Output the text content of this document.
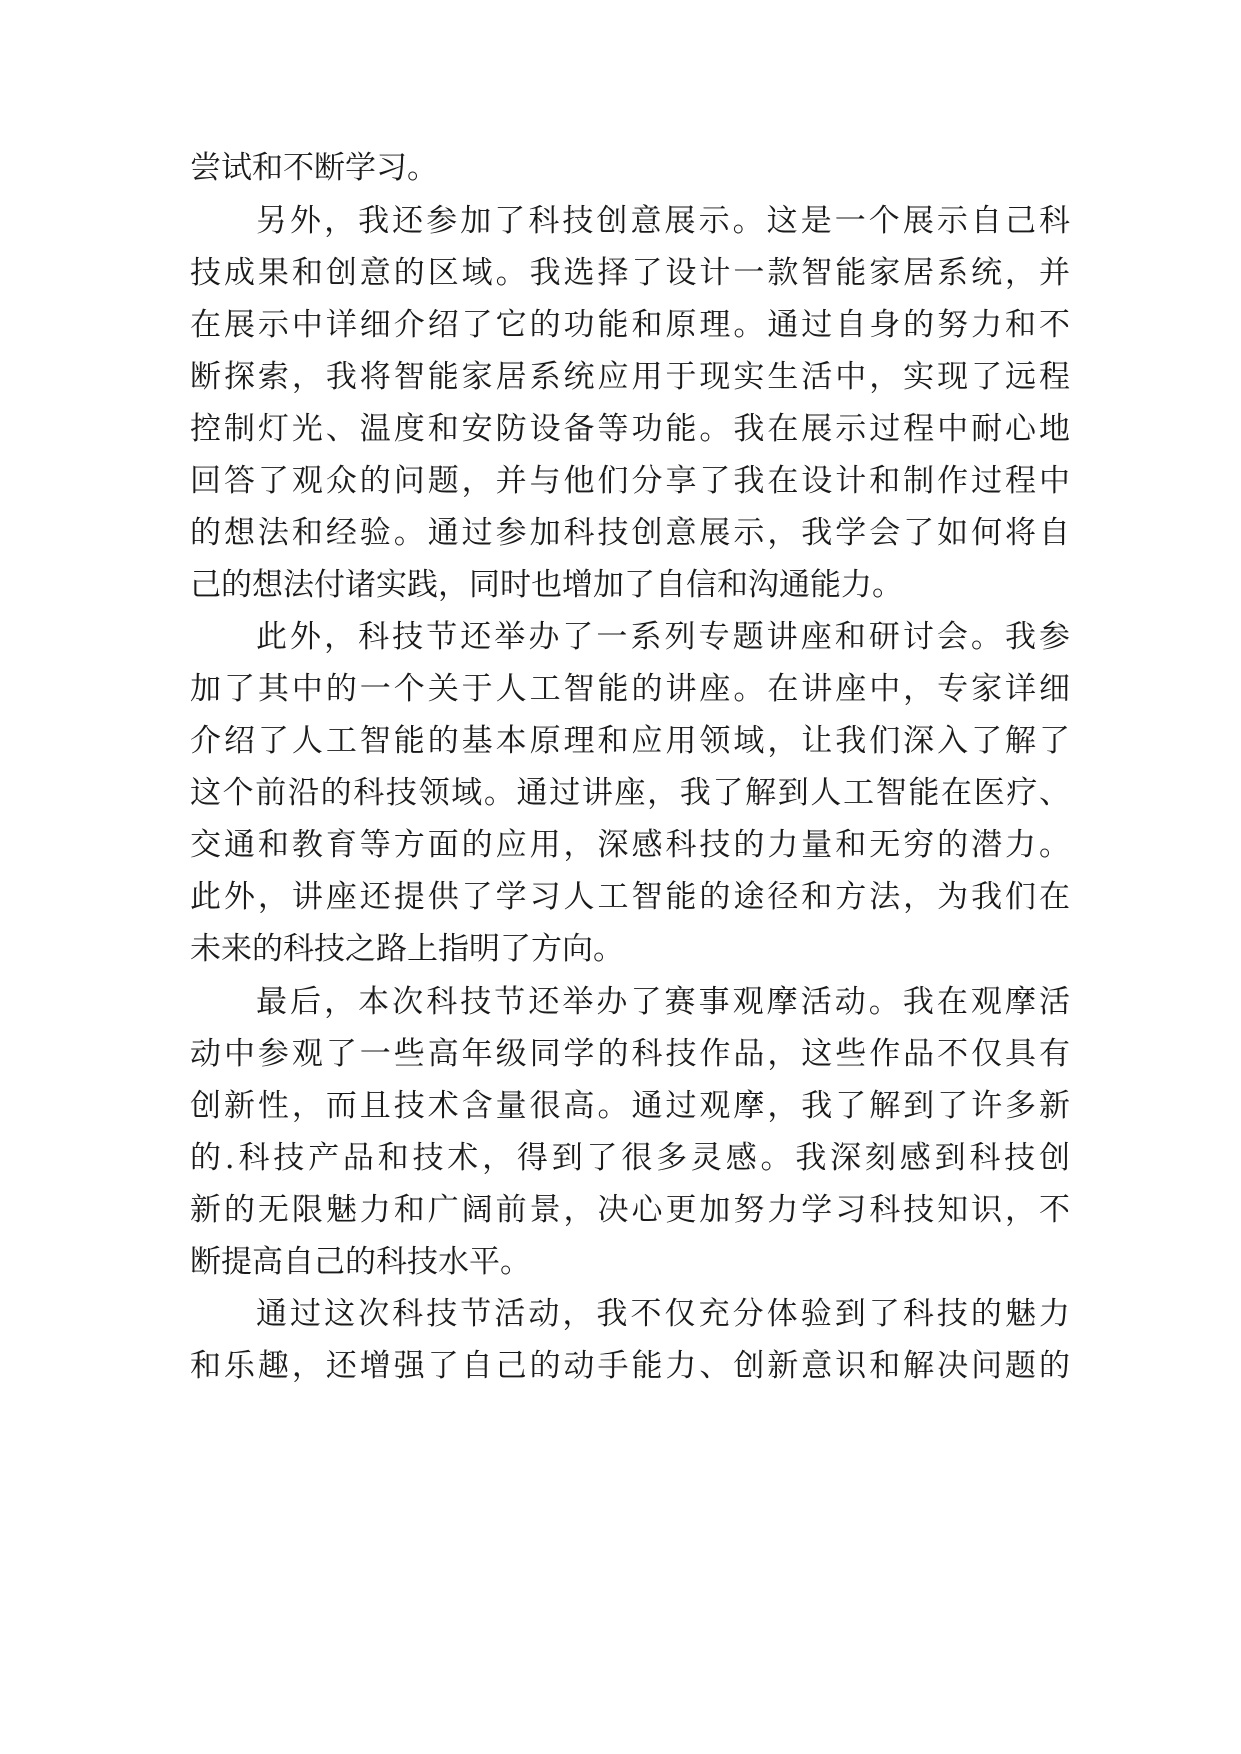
尝试和不断学习。
另外，我还参加了科技创意展示。这是一个展示自己科
技成果和创意的区域。我选择了设计一款智能家居系统，并
在展示中详细介绍了它的功能和原理。通过自身的努力和不
断探索，我将智能家居系统应用于现实生活中，实现了远程
控制灯光、温度和安防设备等功能。我在展示过程中耐心地
回答了观众的问题，并与他们分享了我在设计和制作过程中
的想法和经验。通过参加科技创意展示，我学会了如何将自
己的想法付诸实践，同时也增加了自信和沟通能力。
此外，科技节还举办了一系列专题讲座和研讨会。我参
加了其中的一个关于人工智能的讲座。在讲座中，专家详细
介绍了人工智能的基本原理和应用领域，让我们深入了解了
这个前沿的科技领域。通过讲座，我了解到人工智能在医疗、
交通和教育等方面的应用，深感科技的力量和无穷的潜力。
此外，讲座还提供了学习人工智能的途径和方法，为我们在
未来的科技之路上指明了方向。
最后，本次科技节还举办了赛事观摩活动。我在观摩活
动中参观了一些高年级同学的科技作品，这些作品不仅具有
创新性，而且技术含量很高。通过观摩，我了解到了许多新
的.科技产品和技术，得到了很多灵感。我深刻感到科技创
新的无限魅力和广阔前景，决心更加努力学习科技知识，不
断提高自己的科技水平。
通过这次科技节活动，我不仅充分体验到了科技的魅力
和乐趣，还增强了自己的动手能力、创新意识和解决问题的
